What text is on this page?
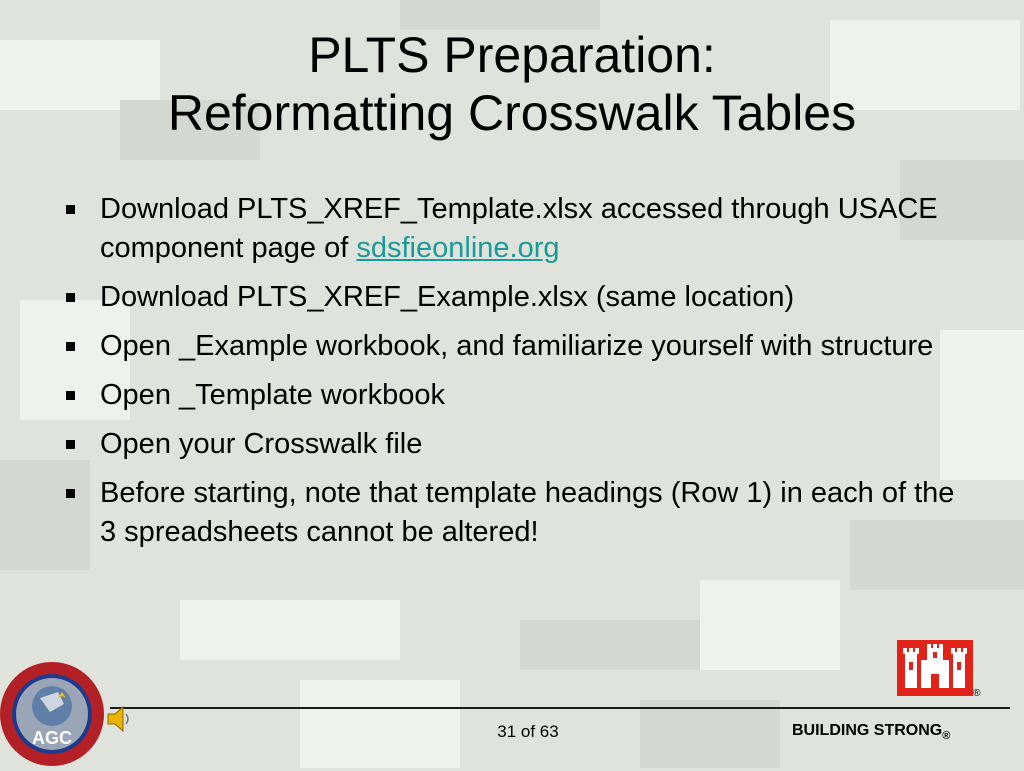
PLTS Preparation:
Reformatting Crosswalk Tables
Download PLTS_XREF_Template.xlsx accessed through USACE component page of sdsfieonline.org
Download PLTS_XREF_Example.xlsx (same location)
Open _Example workbook, and familiarize yourself with structure
Open _Template workbook
Open your Crosswalk file
Before starting, note that template headings (Row 1) in each of the 3 spreadsheets cannot be altered!
®
AGC	31 of 63	BUILDING $STRONG_®$
